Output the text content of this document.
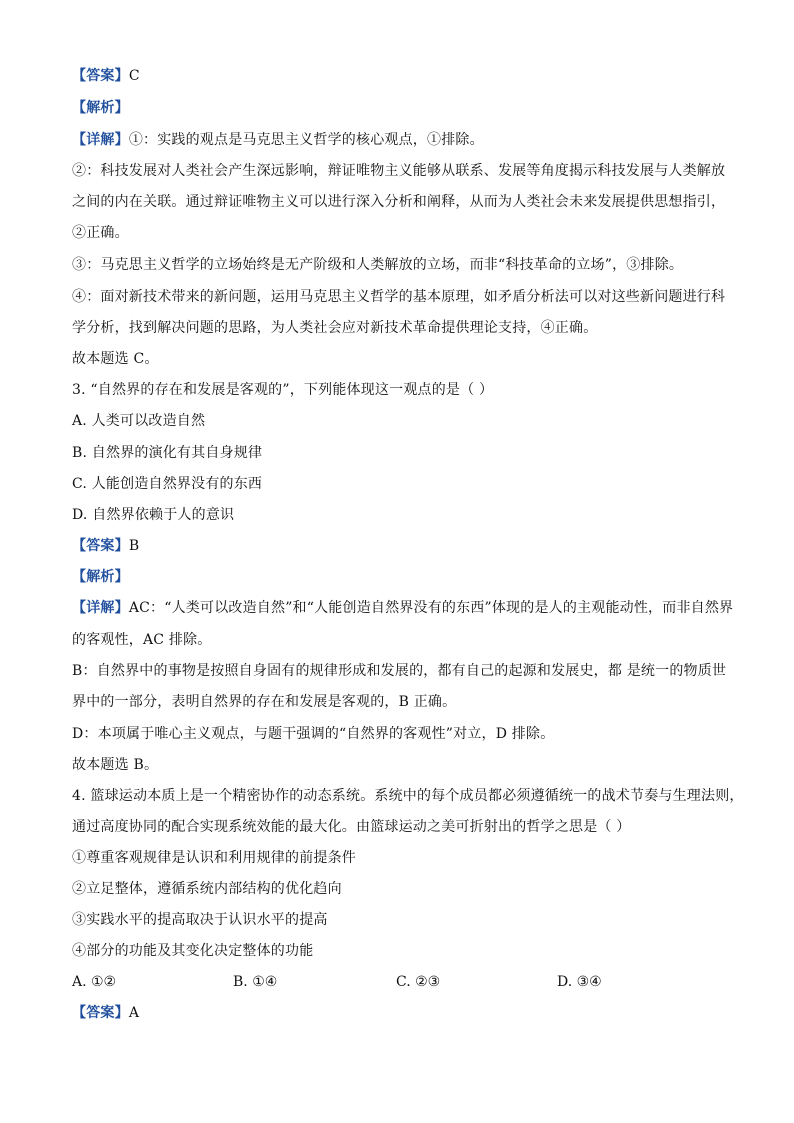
【答案】C
【解析】
【详解】①：实践的观点是马克思主义哲学的核心观点，①排除。
②：科技发展对人类社会产生深远影响，辩证唯物主义能够从联系、发展等角度揭示科技发展与人类解放
之间的内在关联。通过辩证唯物主义可以进行深入分析和阐释，从而为人类社会未来发展提供思想指引，
②正确。
③：马克思主义哲学的立场始终是无产阶级和人类解放的立场，而非“科技革命的立场”，③排除。
④：面对新技术带来的新问题，运用马克思主义哲学的基本原理，如矛盾分析法可以对这些新问题进行科
学分析，找到解决问题的思路，为人类社会应对新技术革命提供理论支持，④正确。
故本题选 C。
3. “自然界的存在和发展是客观的”，下列能体现这一观点的是（ ）
A. 人类可以改造自然
B. 自然界的演化有其自身规律
C. 人能创造自然界没有的东西
D. 自然界依赖于人的意识
【答案】B
【解析】
【详解】AC：“人类可以改造自然”和“人能创造自然界没有的东西”体现的是人的主观能动性，而非自然界
的客观性，AC 排除。
B：自然界中的事物是按照自身固有的规律形成和发展的，都有自己的起源和发展史，都 是统一的物质世
界中的一部分，表明自然界的存在和发展是客观的，B 正确。
D：本项属于唯心主义观点，与题干强调的“自然界的客观性”对立，D 排除。
故本题选 B。
4. 篮球运动本质上是一个精密协作的动态系统。系统中的每个成员都必须遵循统一的战术节奏与生理法则，
通过高度协同的配合实现系统效能的最大化。由篮球运动之美可折射出的哲学之思是（ ）
①尊重客观规律是认识和利用规律的前提条件
②立足整体，遵循系统内部结构的优化趋向
③实践水平的提高取决于认识水平的提高
④部分的功能及其变化决定整体的功能
A. ①②	B. ①④	C. ②③	D. ③④
【答案】A
